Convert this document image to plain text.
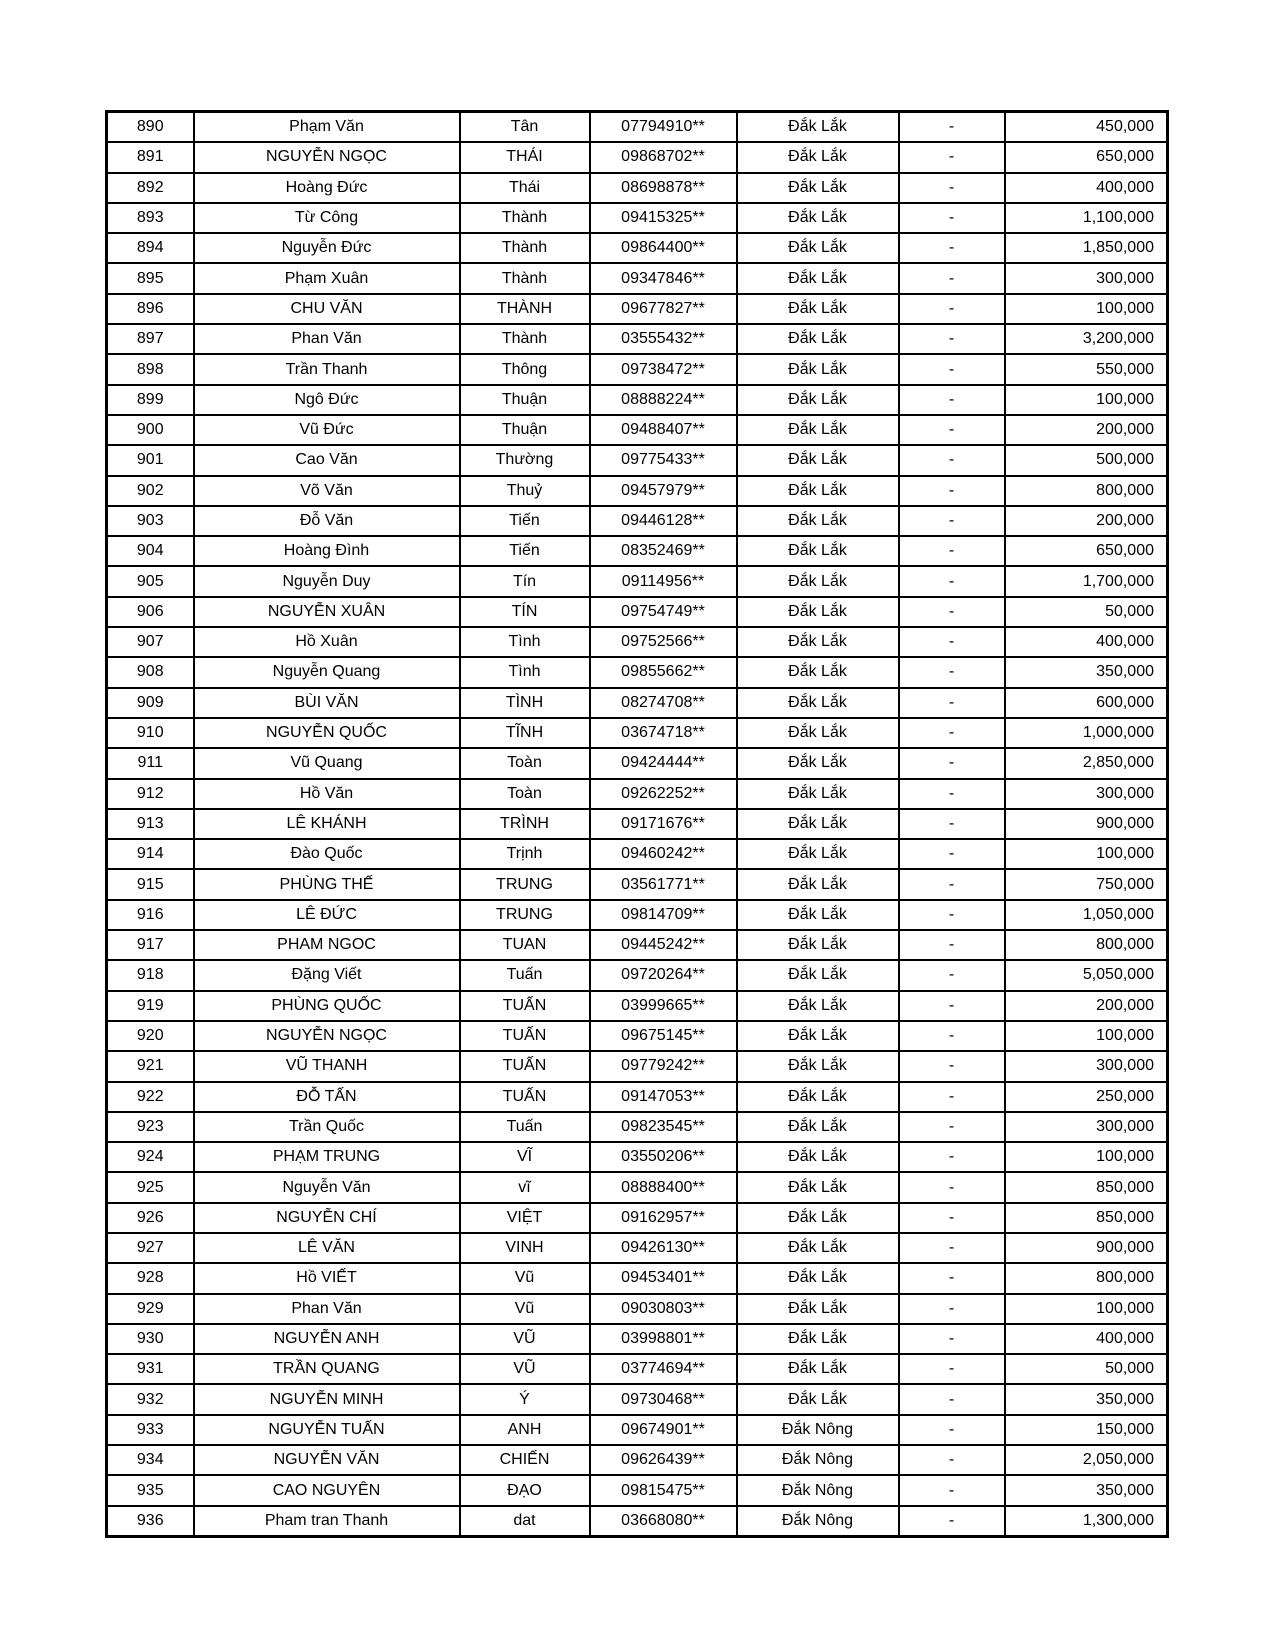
890	Phạm Văn	Tân	07794910**	Đắk Lắk	-	450,000
891	NGUYỄN NGỌC	THÁI	09868702**	Đắk Lắk	-	650,000
892	Hoàng Đức	Thái	08698878**	Đắk Lắk	-	400,000
893	Từ Công	Thành	09415325**	Đắk Lắk	-	1,100,000
894	Nguyễn Đức	Thành	09864400**	Đắk Lắk	-	1,850,000
895	Phạm Xuân	Thành	09347846**	Đắk Lắk	-	300,000
896	CHU VĂN	THÀNH	09677827**	Đắk Lắk	-	100,000
897	Phan Văn	Thành	03555432**	Đắk Lắk	-	3,200,000
898	Trần Thanh	Thông	09738472**	Đắk Lắk	-	550,000
899	Ngô Đức	Thuận	08888224**	Đắk Lắk	-	100,000
900	Vũ Đức	Thuận	09488407**	Đắk Lắk	-	200,000
901	Cao Văn	Thường	09775433**	Đắk Lắk	-	500,000
902	Võ Văn	Thuỷ	09457979**	Đắk Lắk	-	800,000
903	Đỗ Văn	Tiến	09446128**	Đắk Lắk	-	200,000
904	Hoàng Đình	Tiến	08352469**	Đắk Lắk	-	650,000
905	Nguyễn Duy	Tín	09114956**	Đắk Lắk	-	1,700,000
906	NGUYỄN XUÂN	TÍN	09754749**	Đắk Lắk	-	50,000
907	Hồ Xuân	Tình	09752566**	Đắk Lắk	-	400,000
908	Nguyễn Quang	Tình	09855662**	Đắk Lắk	-	350,000
909	BÙI VĂN	TÌNH	08274708**	Đắk Lắk	-	600,000
910	NGUYỄN QUỐC	TĨNH	03674718**	Đắk Lắk	-	1,000,000
911	Vũ Quang	Toàn	09424444**	Đắk Lắk	-	2,850,000
912	Hồ Văn	Toàn	09262252**	Đắk Lắk	-	300,000
913	LÊ KHÁNH	TRÌNH	09171676**	Đắk Lắk	-	900,000
914	Đào Quốc	Trịnh	09460242**	Đắk Lắk	-	100,000
915	PHÙNG THẾ	TRUNG	03561771**	Đắk Lắk	-	750,000
916	LÊ ĐỨC	TRUNG	09814709**	Đắk Lắk	-	1,050,000
917	PHAM NGOC	TUAN	09445242**	Đắk Lắk	-	800,000
918	Đặng Viết	Tuấn	09720264**	Đắk Lắk	-	5,050,000
919	PHÙNG QUỐC	TUẤN	03999665**	Đắk Lắk	-	200,000
920	NGUYỄN NGỌC	TUẤN	09675145**	Đắk Lắk	-	100,000
921	VŨ THANH	TUẤN	09779242**	Đắk Lắk	-	300,000
922	ĐỖ TẤN	TUẤN	09147053**	Đắk Lắk	-	250,000
923	Trần Quốc	Tuấn	09823545**	Đắk Lắk	-	300,000
924	PHẠM TRUNG	VĨ	03550206**	Đắk Lắk	-	100,000
925	Nguyễn Văn	vĩ	08888400**	Đắk Lắk	-	850,000
926	NGUYỄN CHÍ	VIỆT	09162957**	Đắk Lắk	-	850,000
927	LÊ VĂN	VINH	09426130**	Đắk Lắk	-	900,000
928	Hồ VIẾT	Vũ	09453401**	Đắk Lắk	-	800,000
929	Phan Văn	Vũ	09030803**	Đắk Lắk	-	100,000
930	NGUYỄN ANH	VŨ	03998801**	Đắk Lắk	-	400,000
931	TRẦN QUANG	VŨ	03774694**	Đắk Lắk	-	50,000
932	NGUYỄN MINH	Ý	09730468**	Đắk Lắk	-	350,000
933	NGUYỄN TUẤN	ANH	09674901**	Đắk Nông	-	150,000
934	NGUYỄN VĂN	CHIẾN	09626439**	Đắk Nông	-	2,050,000
935	CAO NGUYÊN	ĐẠO	09815475**	Đắk Nông	-	350,000
936	Pham tran Thanh	dat	03668080**	Đắk Nông	-	1,300,000
